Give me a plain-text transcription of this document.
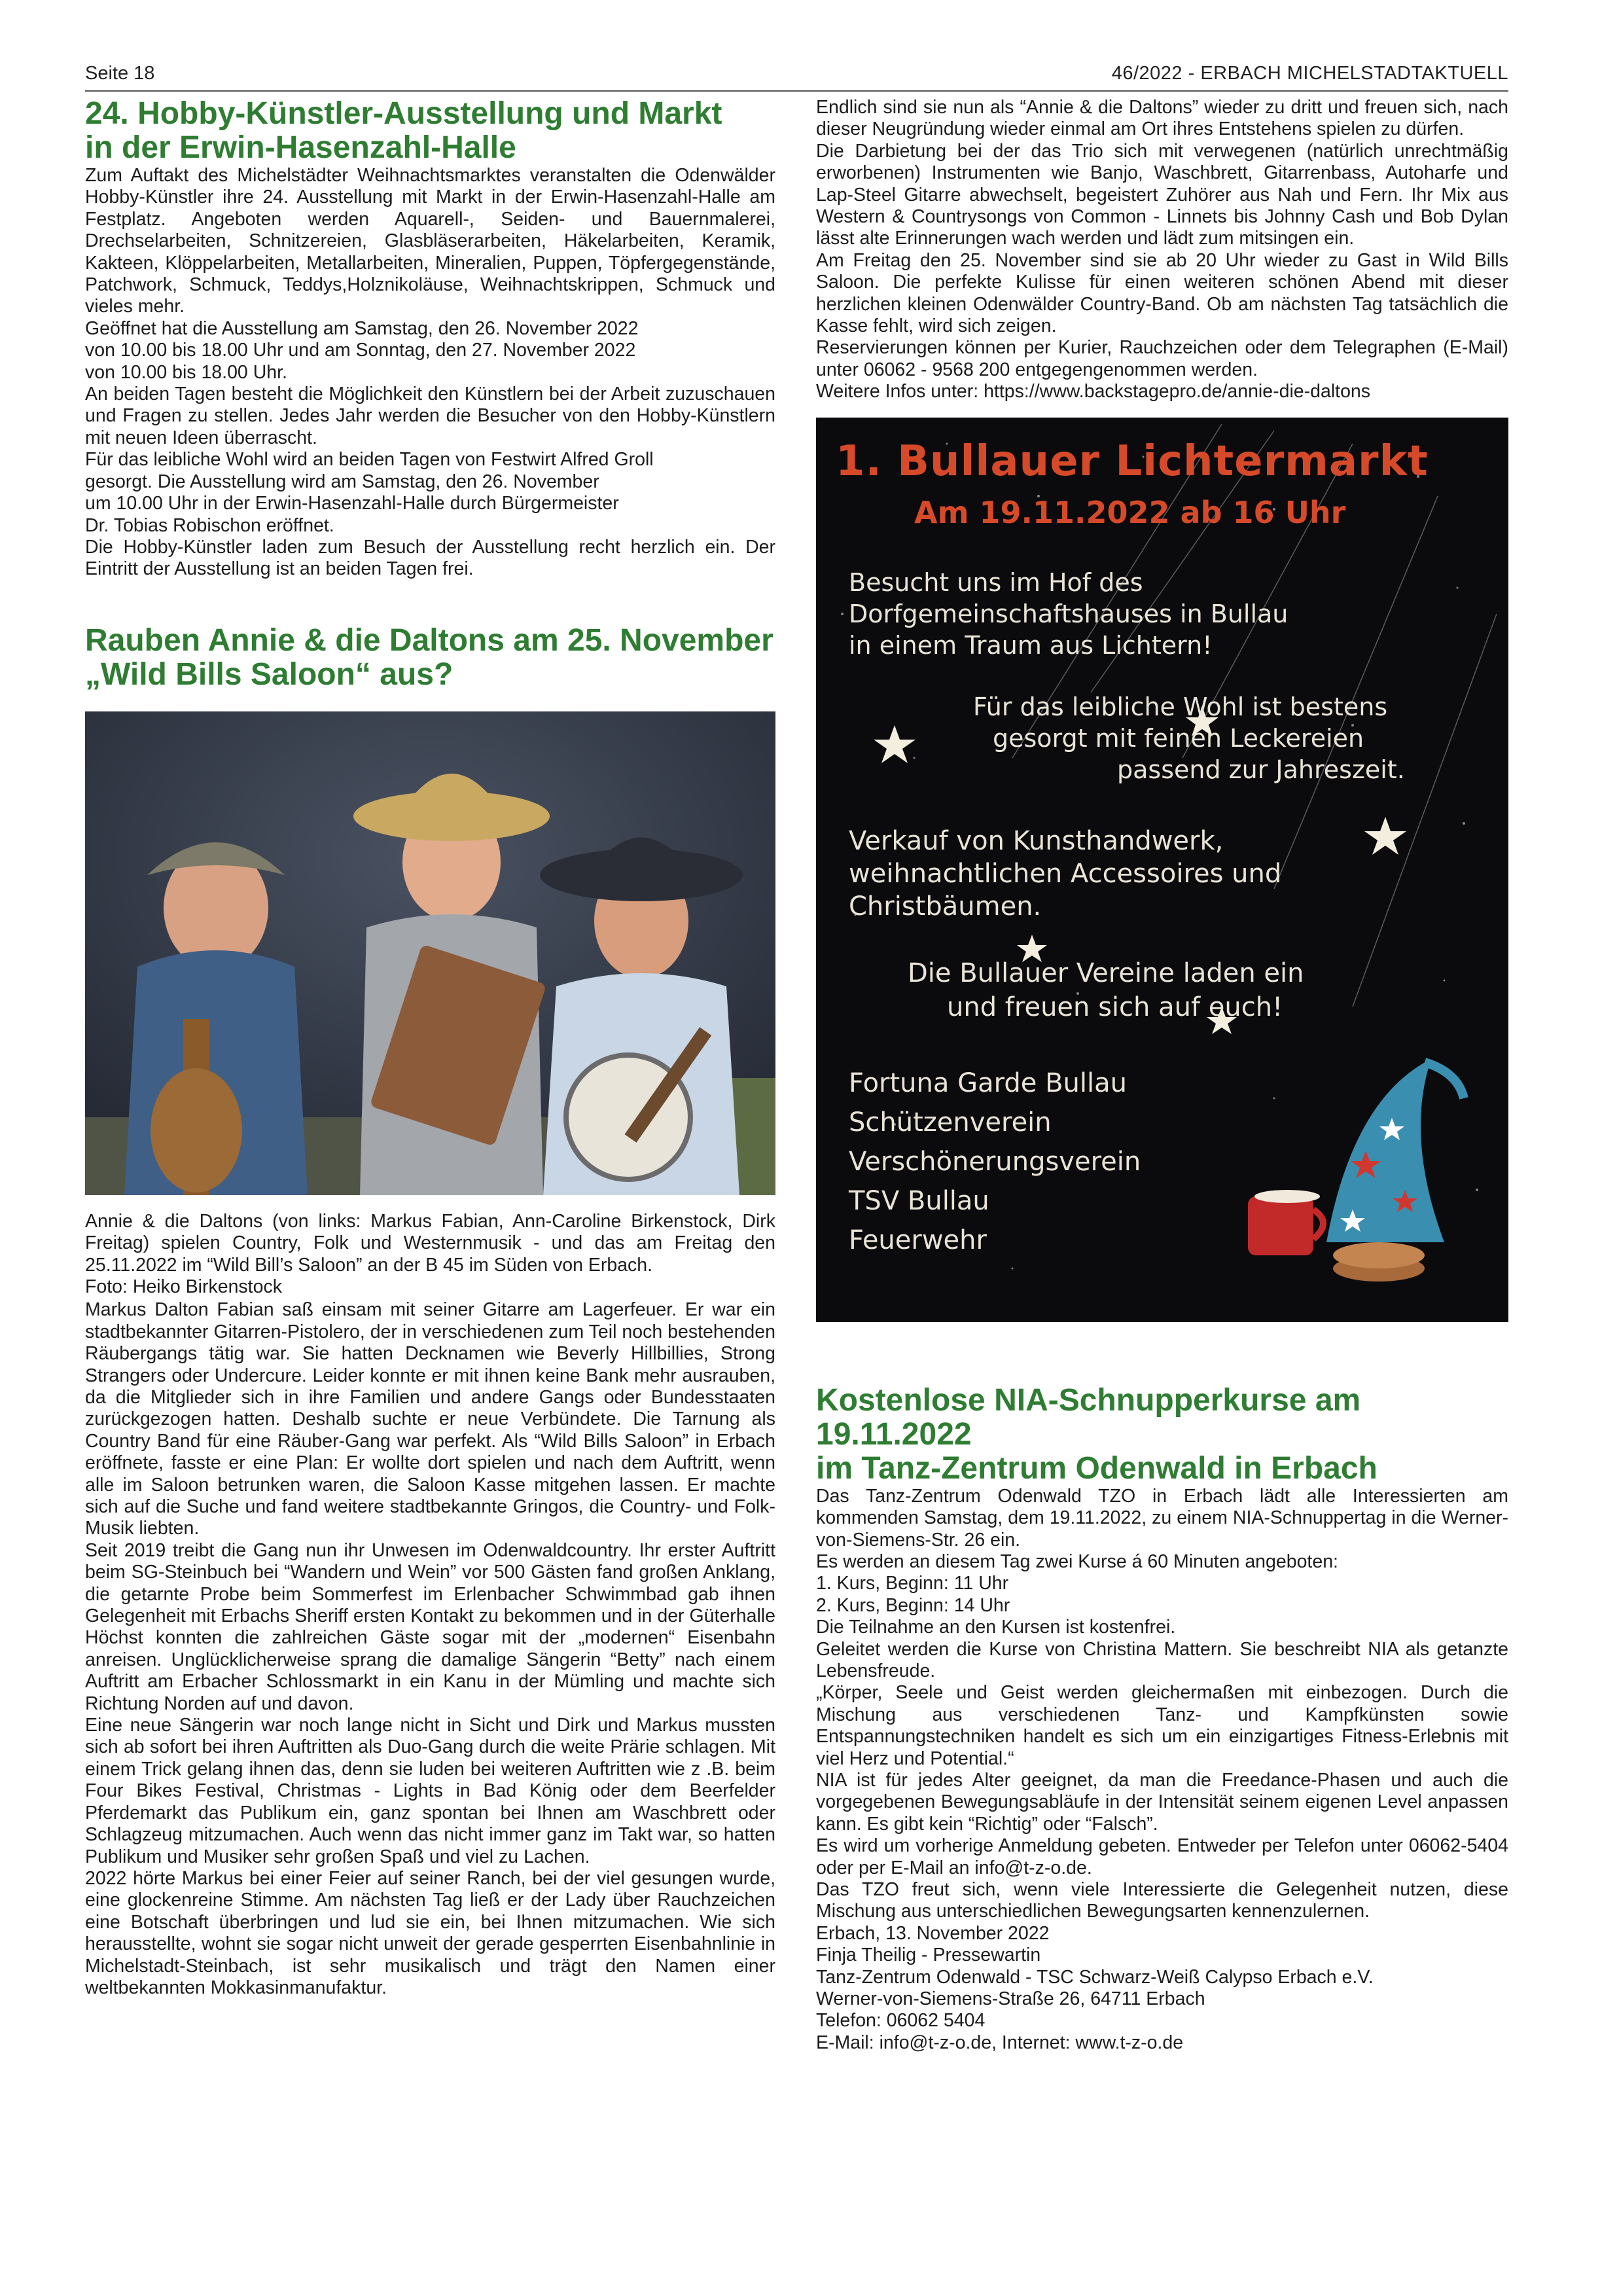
Seite 18	46/2022 - ERBACH MICHELSTADTAKTUELL
24. Hobby-Künstler-Ausstellung und Markt
in der Erwin-Hasenzahl-Halle

Zum Auftakt des Michelstädter Weihnachtsmarktes veranstalten die Odenwälder Hobby-Künstler ihre 24. Ausstellung mit Markt in der Erwin-Hasenzahl-Halle am Festplatz. Angeboten werden Aquarell-, Seiden- und Bauernmalerei, Drechselarbeiten, Schnitzereien, Glasbläserarbeiten, Häkelarbeiten, Keramik, Kakteen, Klöppelarbeiten, Metallarbeiten, Mineralien, Puppen, Töpfergegenstände, Patchwork, Schmuck, Teddys,Holznikoläuse, Weihnachtskrippen, Schmuck und vieles mehr.

Geöffnet hat die Ausstellung am Samstag, den 26. November 2022
von 10.00 bis 18.00 Uhr und am Sonntag, den 27. November 2022
von 10.00 bis 18.00 Uhr.

An beiden Tagen besteht die Möglichkeit den Künstlern bei der Arbeit zuzuschauen und Fragen zu stellen. Jedes Jahr werden die Besucher von den Hobby-Künstlern mit neuen Ideen überrascht.

Für das leibliche Wohl wird an beiden Tagen von Festwirt Alfred Groll
gesorgt. Die Ausstellung wird am Samstag, den 26. November
um 10.00 Uhr in der Erwin-Hasenzahl-Halle durch Bürgermeister
Dr. Tobias Robischon eröffnet.

Die Hobby-Künstler laden zum Besuch der Ausstellung recht herzlich ein. Der Eintritt der Ausstellung ist an beiden Tagen frei.

Rauben Annie & die Daltons am 25. November
„Wild Bills Saloon“ aus?

Annie & die Daltons (von links: Markus Fabian, Ann-Caroline Birkenstock, Dirk Freitag) spielen Country, Folk und Westernmusik - und das am Freitag den 25.11.2022 im “Wild Bill’s Saloon” an der B 45 im Süden von Erbach.

Foto: Heiko Birkenstock

Markus Dalton Fabian saß einsam mit seiner Gitarre am Lagerfeuer. Er war ein stadtbekannter Gitarren-Pistolero, der in verschiedenen zum Teil noch bestehenden Räubergangs tätig war. Sie hatten Decknamen wie Beverly Hillbillies, Strong Strangers oder Undercure. Leider konnte er mit ihnen keine Bank mehr ausrauben, da die Mitglieder sich in ihre Familien und andere Gangs oder Bundesstaaten zurückgezogen hatten. Deshalb suchte er neue Verbündete. Die Tarnung als Country Band für eine Räuber-Gang war perfekt. Als “Wild Bills Saloon” in Erbach eröffnete, fasste er eine Plan: Er wollte dort spielen und nach dem Auftritt, wenn alle im Saloon betrunken waren, die Saloon Kasse mitgehen lassen. Er machte sich auf die Suche und fand weitere stadtbekannte Gringos, die Country- und Folk- Musik liebten.

Seit 2019 treibt die Gang nun ihr Unwesen im Odenwaldcountry. Ihr erster Auftritt beim SG-Steinbuch bei “Wandern und Wein” vor 500 Gästen fand großen Anklang, die getarnte Probe beim Sommerfest im Erlenbacher Schwimmbad gab ihnen Gelegenheit mit Erbachs Sheriff ersten Kontakt zu bekommen und in der Güterhalle Höchst konnten die zahlreichen Gäste sogar mit der „modernen“ Eisenbahn anreisen. Unglücklicherweise sprang die damalige Sängerin “Betty” nach einem Auftritt am Erbacher Schlossmarkt in ein Kanu in der Mümling und machte sich Richtung Norden auf und davon.

Eine neue Sängerin war noch lange nicht in Sicht und Dirk und Markus mussten sich ab sofort bei ihren Auftritten als Duo-Gang durch die weite Prärie schlagen. Mit einem Trick gelang ihnen das, denn sie luden bei weiteren Auftritten wie z .B. beim Four Bikes Festival, Christmas - Lights in Bad König oder dem Beerfelder Pferdemarkt das Publikum ein, ganz spontan bei Ihnen am Waschbrett oder Schlagzeug mitzumachen. Auch wenn das nicht immer ganz im Takt war, so hatten Publikum und Musiker sehr großen Spaß und viel zu Lachen.

2022 hörte Markus bei einer Feier auf seiner Ranch, bei der viel gesungen wurde, eine glockenreine Stimme. Am nächsten Tag ließ er der Lady über Rauchzeichen eine Botschaft überbringen und lud sie ein, bei Ihnen mitzumachen. Wie sich herausstellte, wohnt sie sogar nicht unweit der gerade gesperrten Eisenbahnlinie in Michelstadt-Steinbach, ist sehr musikalisch und trägt den Namen einer weltbekannten Mokkasinmanufaktur.

Endlich sind sie nun als “Annie & die Daltons” wieder zu dritt und freuen sich, nach dieser Neugründung wieder einmal am Ort ihres Entstehens spielen zu dürfen.

Die Darbietung bei der das Trio sich mit verwegenen (natürlich unrechtmäßig erworbenen) Instrumenten wie Banjo, Waschbrett, Gitarrenbass, Autoharfe und Lap-Steel Gitarre abwechselt, begeistert Zuhörer aus Nah und Fern. Ihr Mix aus Western & Countrysongs von Common - Linnets bis Johnny Cash und Bob Dylan lässt alte Erinnerungen wach werden und lädt zum mitsingen ein.

Am Freitag den 25. November sind sie ab 20 Uhr wieder zu Gast in Wild Bills Saloon. Die perfekte Kulisse für einen weiteren schönen Abend mit dieser herzlichen kleinen Odenwälder Country-Band. Ob am nächsten Tag tatsächlich die Kasse fehlt, wird sich zeigen.

Reservierungen können per Kurier, Rauchzeichen oder dem Telegraphen (E-Mail) unter 06062 - 9568 200 entgegengenommen werden.

Weitere Infos unter: https://www.backstagepro.de/annie-die-daltons

1. Bullauer Lichtermarkt
Am 19.11.2022 ab 16 Uhr
Besucht uns im Hof des
Dorfgemeinschaftshauses in Bullau
in einem Traum aus Lichtern!
Für das leibliche Wohl ist bestens
gesorgt mit feinen Leckereien
passend zur Jahreszeit.
Verkauf von Kunsthandwerk,
weihnachtlichen Accessoires und
Christbäumen.
Die Bullauer Vereine laden ein
und freuen sich auf euch!
Fortuna Garde Bullau
Schützenverein
Verschönerungsverein
TSV Bullau
Feuerwehr
Kostenlose NIA-Schnupperkurse am 19.11.2022
im Tanz-Zentrum Odenwald in Erbach

Das Tanz-Zentrum Odenwald TZO in Erbach lädt alle Interessierten am kommenden Samstag, dem 19.11.2022, zu einem NIA-Schnuppertag in die Werner-von-Siemens-Str. 26 ein.

Es werden an diesem Tag zwei Kurse á 60 Minuten angeboten:

1. Kurs, Beginn: 11 Uhr

2. Kurs, Beginn: 14 Uhr

Die Teilnahme an den Kursen ist kostenfrei.

Geleitet werden die Kurse von Christina Mattern. Sie beschreibt NIA als getanzte Lebensfreude.

„Körper, Seele und Geist werden gleichermaßen mit einbezogen. Durch die Mischung aus verschiedenen Tanz- und Kampfkünsten sowie Entspannungstechniken handelt es sich um ein einzigartiges Fitness-Erlebnis mit viel Herz und Potential.“

NIA ist für jedes Alter geeignet, da man die Freedance-Phasen und auch die vorgegebenen Bewegungsabläufe in der Intensität seinem eigenen Level anpassen kann. Es gibt kein “Richtig” oder “Falsch”.

Es wird um vorherige Anmeldung gebeten. Entweder per Telefon unter 06062-5404 oder per E-Mail an info@t-z-o.de.

Das TZO freut sich, wenn viele Interessierte die Gelegenheit nutzen, diese Mischung aus unterschiedlichen Bewegungsarten kennenzulernen.

Erbach, 13. November 2022

Finja Theilig - Pressewartin

Tanz-Zentrum Odenwald - TSC Schwarz-Weiß Calypso Erbach e.V.

Werner-von-Siemens-Straße 26, 64711 Erbach

Telefon: 06062 5404

E-Mail: info@t-z-o.de, Internet: www.t-z-o.de
